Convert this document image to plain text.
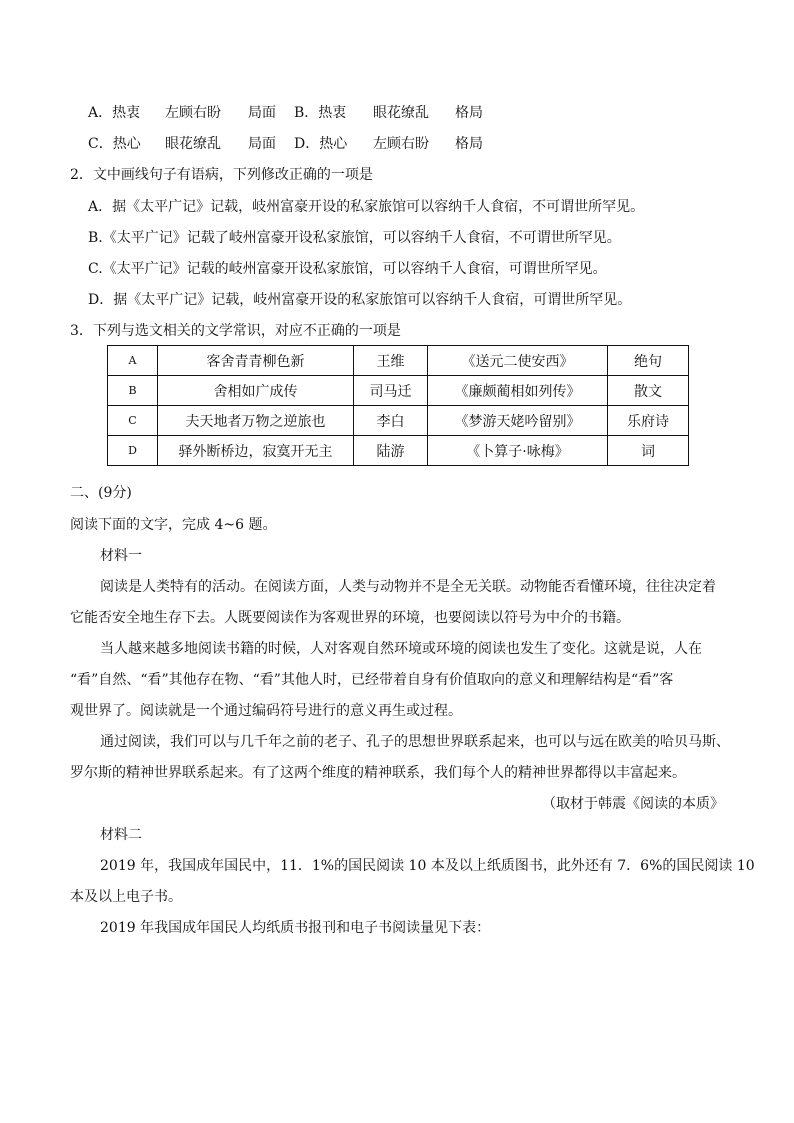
A．热衷 左顾右盼 局面 B．热衷 眼花缭乱 格局
C．热心 眼花缭乱 局面 D．热心 左顾右盼 格局
2．文中画线句子有语病，下列修改正确的一项是
A．据《太平广记》记载，岐州富豪开设的私家旅馆可以容纳千人食宿，不可谓世所罕见。
B.《太平广记》记载了岐州富豪开设私家旅馆，可以容纳千人食宿，不可谓世所罕见。
C.《太平广记》记载的岐州富豪开设私家旅馆，可以容纳千人食宿，可谓世所罕见。
D．据《太平广记》记载，岐州富豪开设的私家旅馆可以容纳千人食宿，可谓世所罕见。
3．下列与选文相关的文学常识，对应不正确的一项是
A	客舍青青柳色新	王维	《送元二使安西》	绝句
B	舍相如广成传	司马迁	《廉颇蔺相如列传》	散文
C	夫天地者万物之逆旅也	李白	《梦游天姥吟留别》	乐府诗
D	驿外断桥边，寂寞开无主	陆游	《卜算子·咏梅》	词
二、(9分)
阅读下面的文字，完成 4~6 题。
材料一
阅读是人类特有的活动。在阅读方面，人类与动物并不是全无关联。动物能否看懂环境，往往决定着
它能否安全地生存下去。人既要阅读作为客观世界的环境，也要阅读以符号为中介的书籍。
当人越来越多地阅读书籍的时候，人对客观自然环境或环境的阅读也发生了变化。这就是说，人在
“看”自然、“看”其他存在物、“看”其他人时，已经带着自身有价值取向的意义和理解结构是“看”客
观世界了。阅读就是一个通过编码符号进行的意义再生或过程。
通过阅读，我们可以与几千年之前的老子、孔子的思想世界联系起来，也可以与远在欧美的哈贝马斯、
罗尔斯的精神世界联系起来。有了这两个维度的精神联系，我们每个人的精神世界都得以丰富起来。
（取材于韩震《阅读的本质》
材料二
2019 年，我国成年国民中，11．1%的国民阅读 10 本及以上纸质图书，此外还有 7．6%的国民阅读 10
本及以上电子书。
2019 年我国成年国民人均纸质书报刊和电子书阅读量见下表：
